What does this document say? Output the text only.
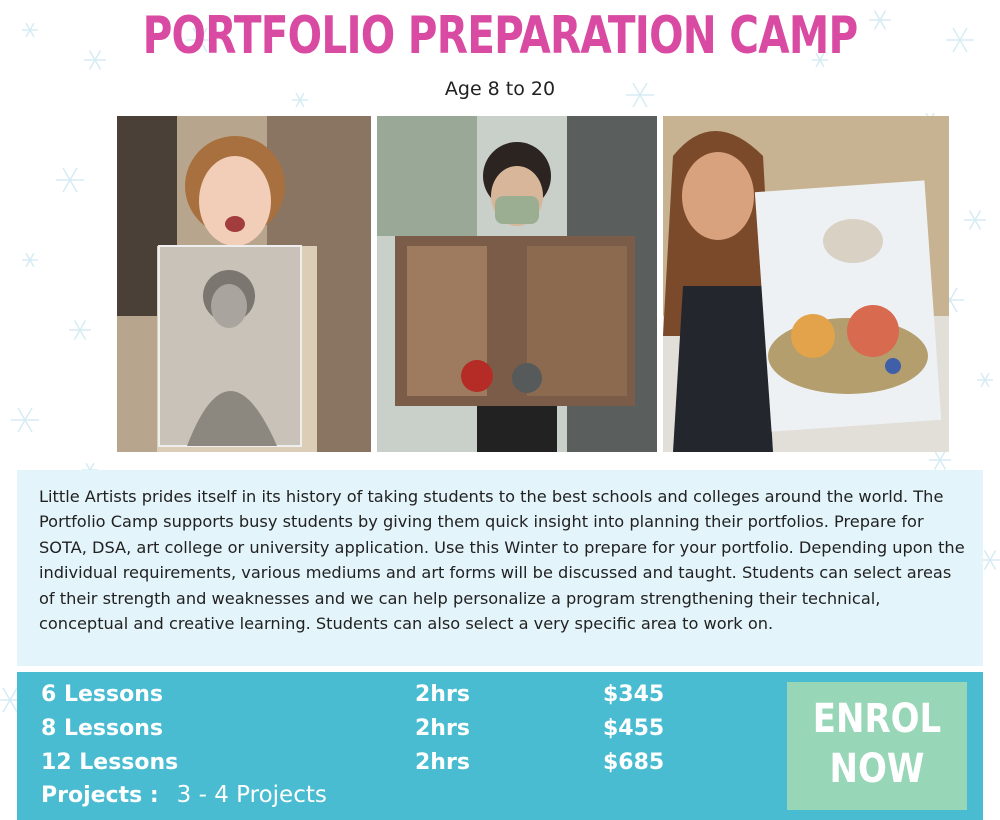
PORTFOLIO PREPARATION CAMP
Age 8 to 20

Little Artists prides itself in its history of taking students to the best schools and colleges around the world. The Portfolio Camp supports busy students by giving them quick insight into planning their portfolios. Prepare for SOTA, DSA, art college or university application. Use this Winter to prepare for your portfolio. Depending upon the individual requirements, various mediums and art forms will be discussed and taught. Students can select areas of their strength and weaknesses and we can help personalize a program strengthening their technical, conceptual and creative learning. Students can also select a very specific area to work on.

6 Lessons	2hrs	$345
8 Lessons	2hrs	$455
12 Lessons	2hrs	$685
Projects : 3 - 4 Projects
ENROL
NOW
